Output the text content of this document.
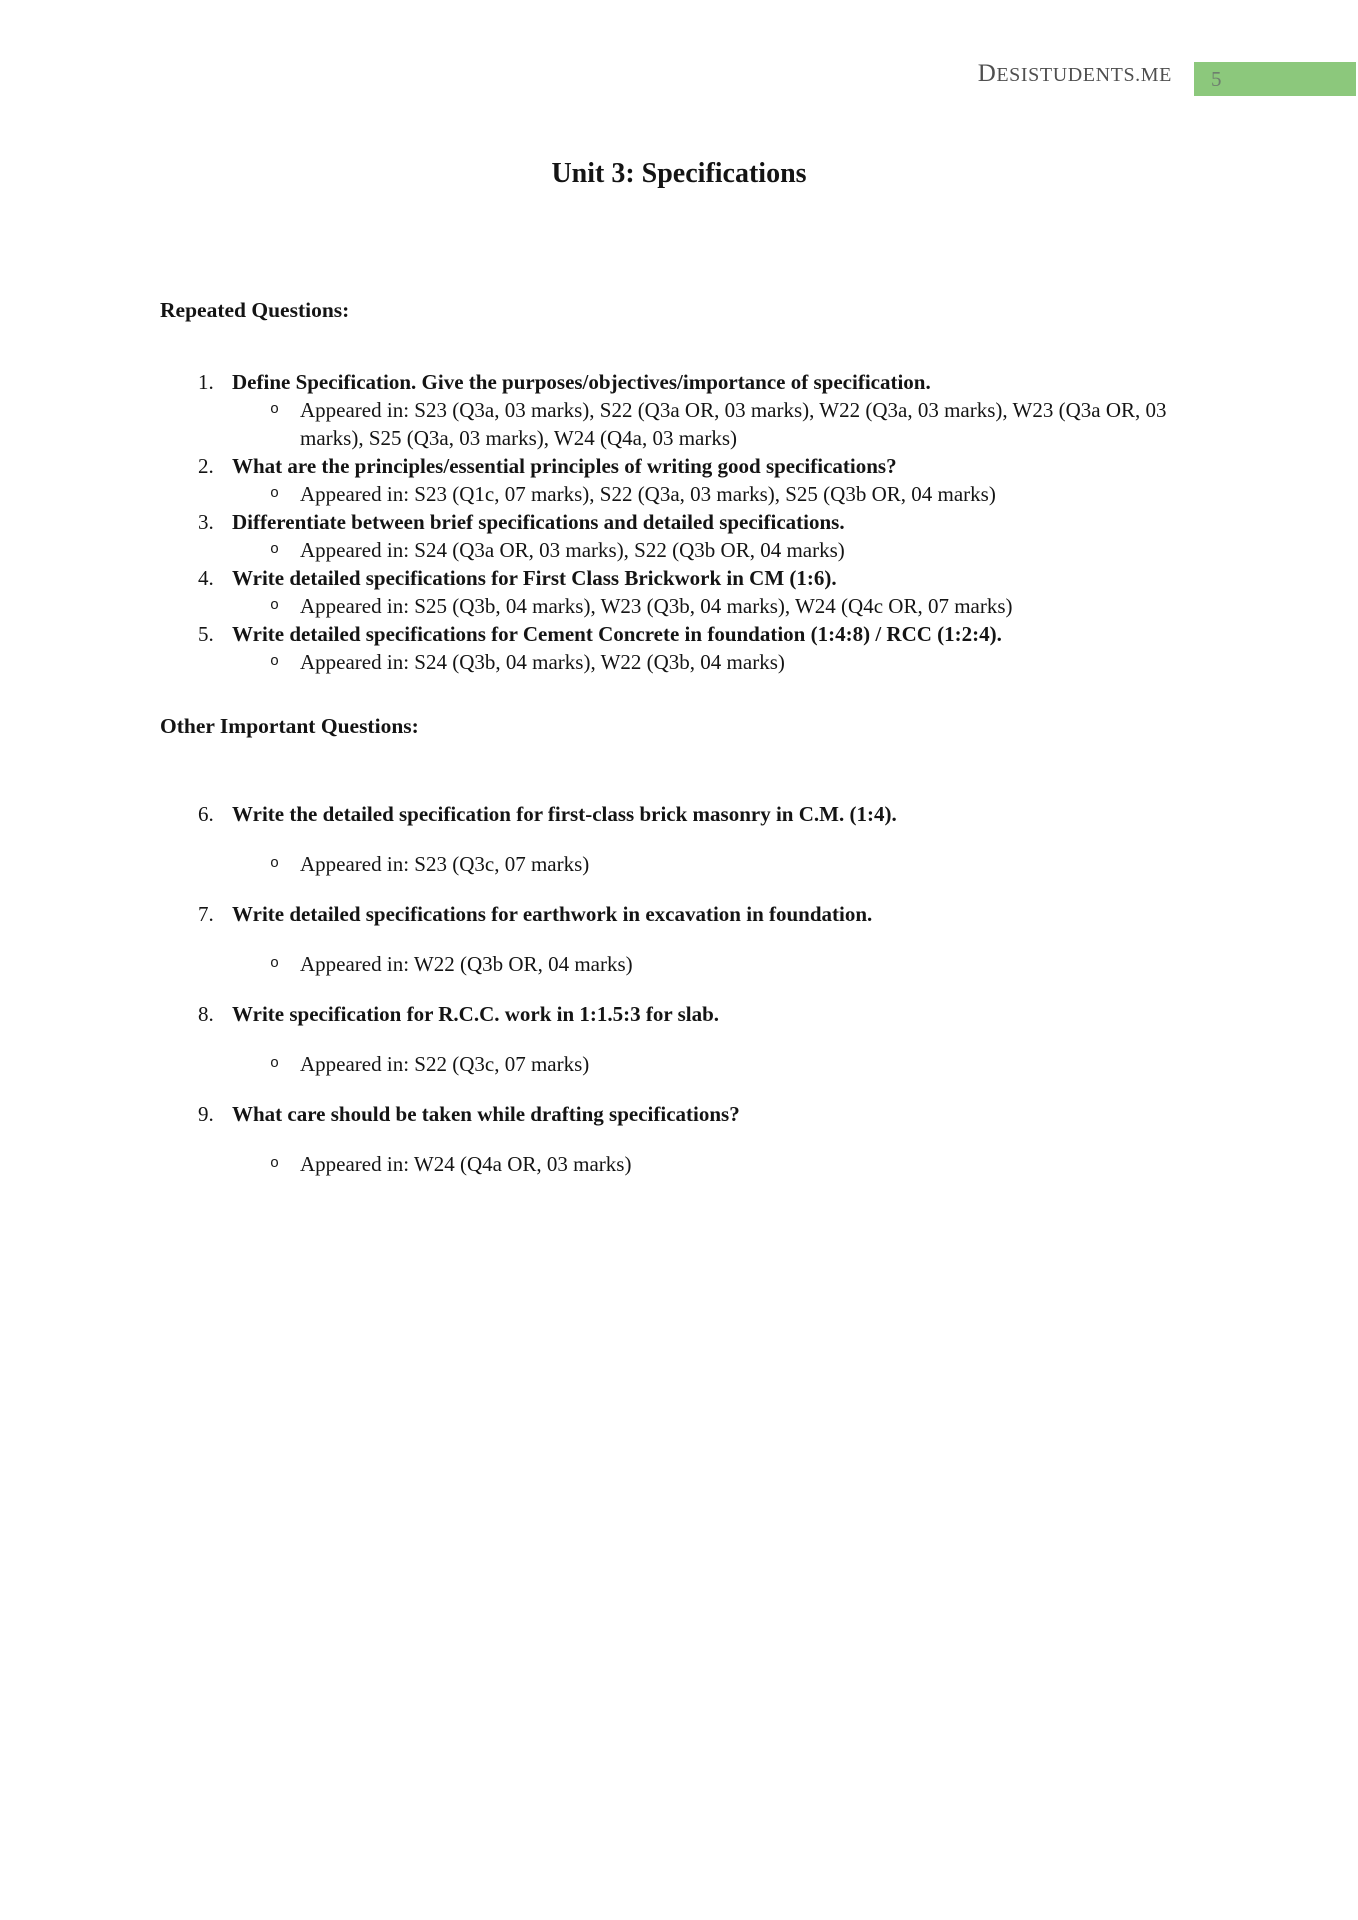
DESISTUDENTS.ME	5
Unit 3: Specifications
Repeated Questions:
1. Define Specification. Give the purposes/objectives/importance of specification.
o Appeared in: S23 (Q3a, 03 marks), S22 (Q3a OR, 03 marks), W22 (Q3a, 03 marks), W23 (Q3a OR, 03 marks), S25 (Q3a, 03 marks), W24 (Q4a, 03 marks)
2. What are the principles/essential principles of writing good specifications?
o Appeared in: S23 (Q1c, 07 marks), S22 (Q3a, 03 marks), S25 (Q3b OR, 04 marks)
3. Differentiate between brief specifications and detailed specifications.
o Appeared in: S24 (Q3a OR, 03 marks), S22 (Q3b OR, 04 marks)
4. Write detailed specifications for First Class Brickwork in CM (1:6).
o Appeared in: S25 (Q3b, 04 marks), W23 (Q3b, 04 marks), W24 (Q4c OR, 07 marks)
5. Write detailed specifications for Cement Concrete in foundation (1:4:8) / RCC (1:2:4).
o Appeared in: S24 (Q3b, 04 marks), W22 (Q3b, 04 marks)
Other Important Questions:
6. Write the detailed specification for first-class brick masonry in C.M. (1:4).
o Appeared in: S23 (Q3c, 07 marks)
7. Write detailed specifications for earthwork in excavation in foundation.
o Appeared in: W22 (Q3b OR, 04 marks)
8. Write specification for R.C.C. work in 1:1.5:3 for slab.
o Appeared in: S22 (Q3c, 07 marks)
9. What care should be taken while drafting specifications?
o Appeared in: W24 (Q4a OR, 03 marks)
